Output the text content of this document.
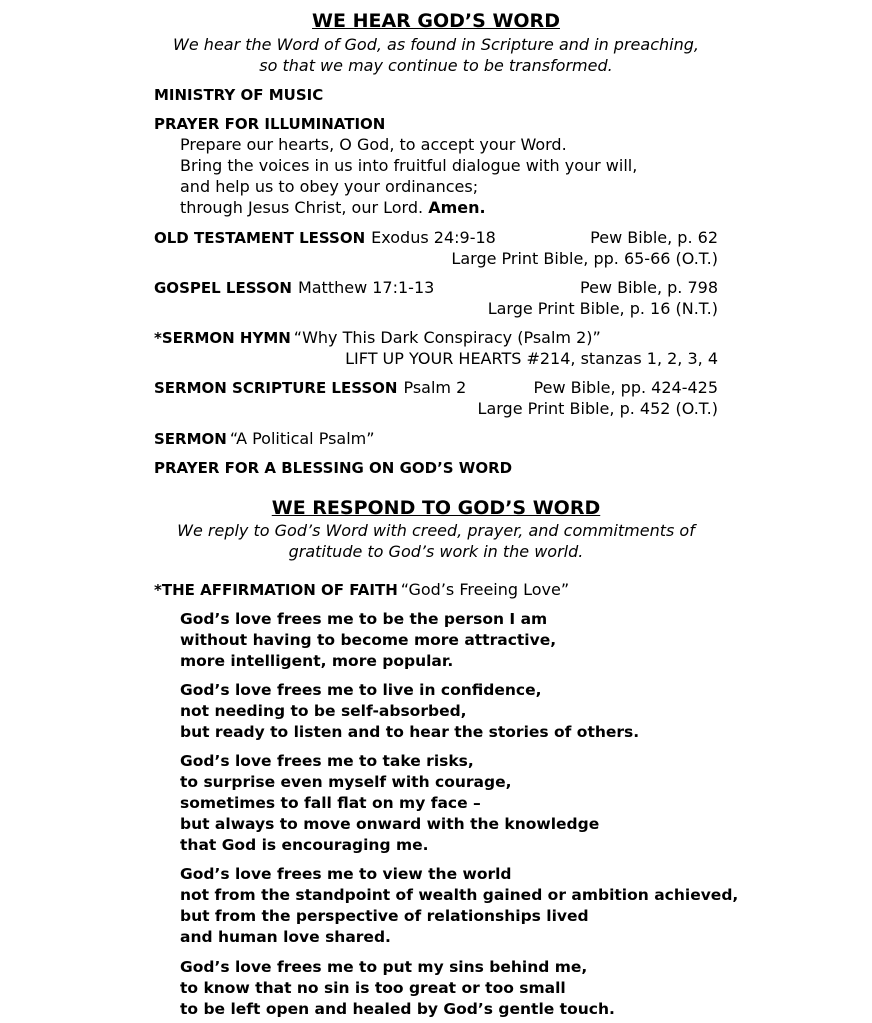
WE HEAR GOD’S WORD
We hear the Word of God, as found in Scripture and in preaching,
so that we may continue to be transformed.
MINISTRY OF MUSIC
PRAYER FOR ILLUMINATION
Prepare our hearts, O God, to accept your Word.
Bring the voices in us into fruitful dialogue with your will,
and help us to obey your ordinances;
through Jesus Christ, our Lord. Amen.
OLD TESTAMENT LESSON Exodus 24:9-18	Pew Bible, p. 62
Large Print Bible, pp. 65-66 (O.T.)
GOSPEL LESSON Matthew 17:1-13	Pew Bible, p. 798
Large Print Bible, p. 16 (N.T.)
*SERMON HYMN “Why This Dark Conspiracy (Psalm 2)”
LIFT UP YOUR HEARTS #214, stanzas 1, 2, 3, 4
SERMON SCRIPTURE LESSON Psalm 2	Pew Bible, pp. 424-425
Large Print Bible, p. 452 (O.T.)
SERMON “A Political Psalm”
PRAYER FOR A BLESSING ON GOD’S WORD
WE RESPOND TO GOD’S WORD
We reply to God’s Word with creed, prayer, and commitments of
gratitude to God’s work in the world.
*THE AFFIRMATION OF FAITH “God’s Freeing Love”
God’s love frees me to be the person I am
without having to become more attractive,
more intelligent, more popular.
God’s love frees me to live in confidence,
not needing to be self-absorbed,
but ready to listen and to hear the stories of others.
God’s love frees me to take risks,
to surprise even myself with courage,
sometimes to fall flat on my face –
but always to move onward with the knowledge
that God is encouraging me.
God’s love frees me to view the world
not from the standpoint of wealth gained or ambition achieved,
but from the perspective of relationships lived
and human love shared.
God’s love frees me to put my sins behind me,
to know that no sin is too great or too small
to be left open and healed by God’s gentle touch.
